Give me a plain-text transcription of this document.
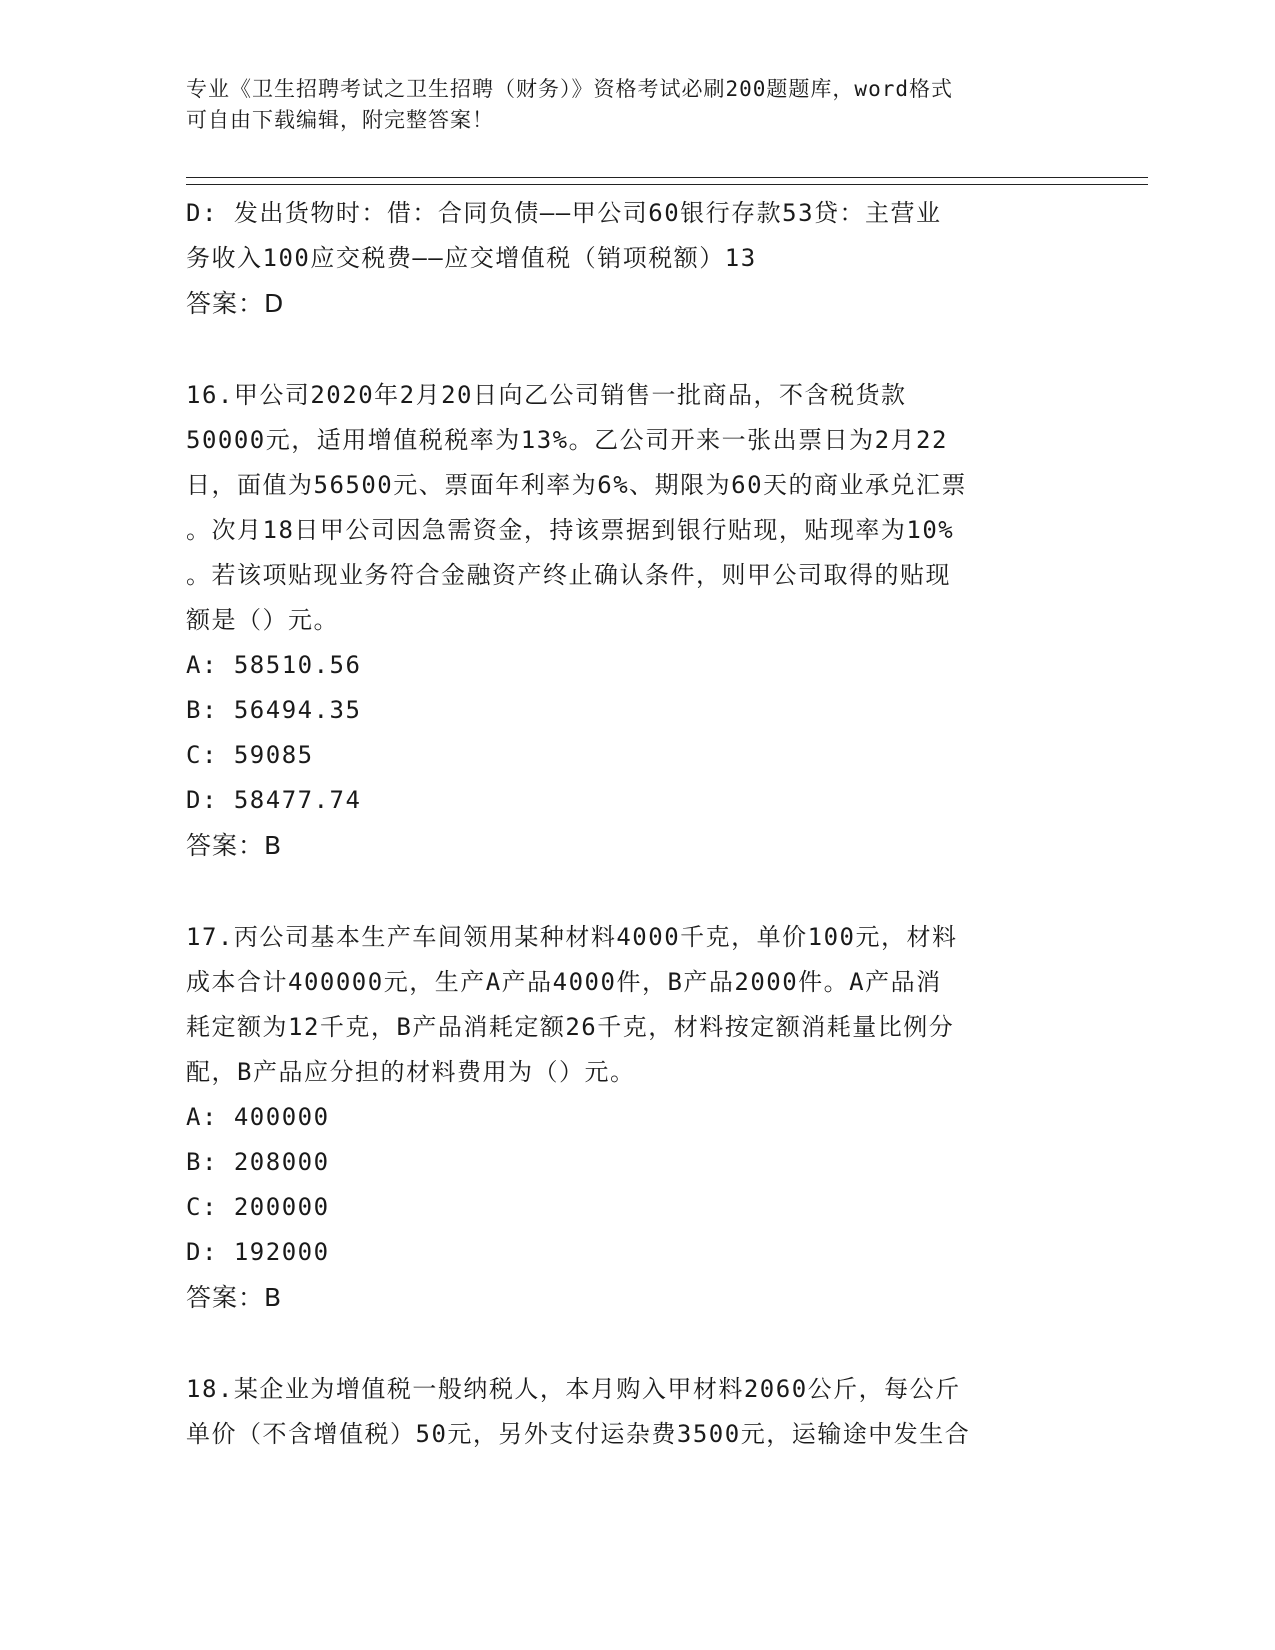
专业《卫生招聘考试之卫生招聘（财务）》资格考试必刷200题题库，word格式
可自由下载编辑，附完整答案！
D: 发出货物时：借：合同负债——甲公司60银行存款53贷：主营业
务收入100应交税费——应交增值税（销项税额）13
答案：D
16.甲公司2020年2月20日向乙公司销售一批商品，不含税货款
50000元，适用增值税税率为13%。乙公司开来一张出票日为2月22
日，面值为56500元、票面年利率为6%、期限为60天的商业承兑汇票
。次月18日甲公司因急需资金，持该票据到银行贴现，贴现率为10%
。若该项贴现业务符合金融资产终止确认条件，则甲公司取得的贴现
额是（）元。
A: 58510.56
B: 56494.35
C: 59085
D: 58477.74
答案：B
17.丙公司基本生产车间领用某种材料4000千克，单价100元，材料
成本合计400000元，生产A产品4000件，B产品2000件。A产品消
耗定额为12千克，B产品消耗定额26千克，材料按定额消耗量比例分
配，B产品应分担的材料费用为（）元。
A: 400000
B: 208000
C: 200000
D: 192000
答案：B
18.某企业为增值税一般纳税人，本月购入甲材料2060公斤，每公斤
单价（不含增值税）50元，另外支付运杂费3500元，运输途中发生合
